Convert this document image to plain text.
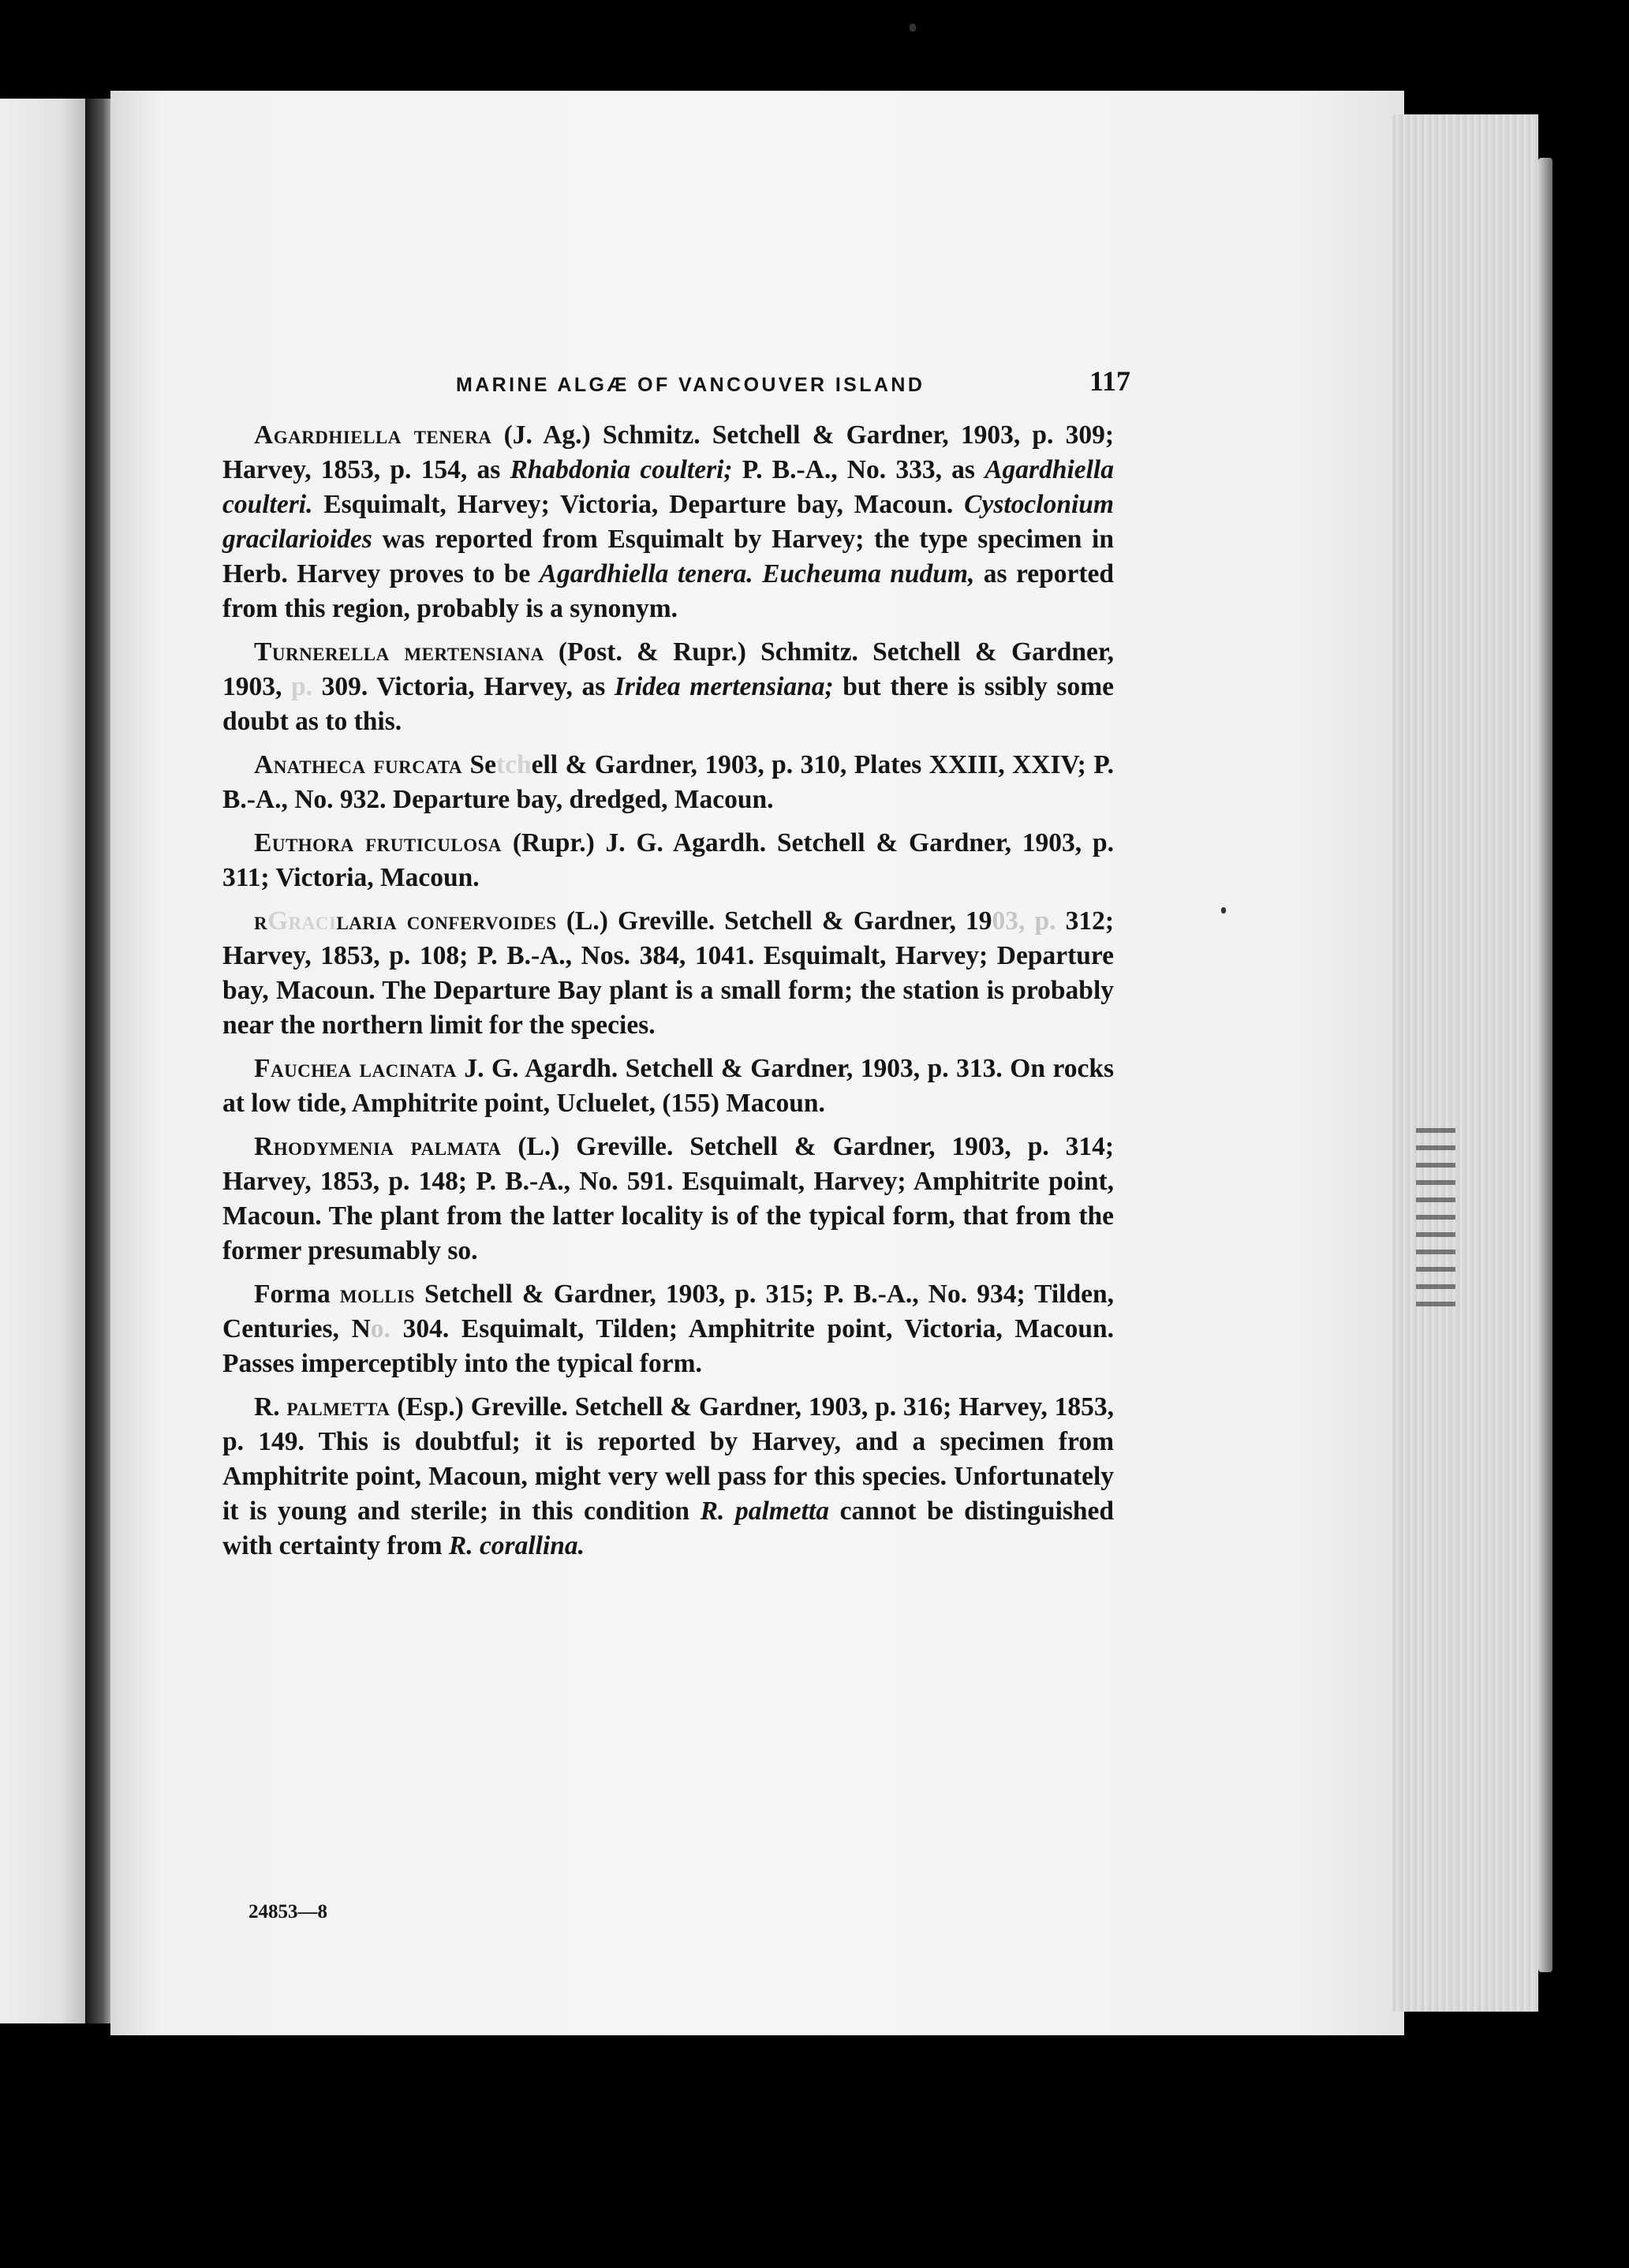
MARINE ALGÆ OF VANCOUVER ISLAND	117

Agardhiella tenera (J. Ag.) Schmitz. Setchell & Gardner, 1903, p. 309; Harvey, 1853, p. 154, as Rhabdonia coulteri; P. B.-A., No. 333, as Agardhiella coulteri. Esquimalt, Harvey; Victoria, Departure bay, Macoun. Cystoclonium gracilarioides was reported from Esquimalt by Harvey; the type specimen in Herb. Harvey proves to be Agardhiella tenera. Eucheuma nudum, as reported from this region, probably is a synonym.

Turnerella mertensiana (Post. & Rupr.) Schmitz. Setchell & Gardner, 1903, p. 309. Victoria, Harvey, as Iridea mertensiana; but there is ssibly some doubt as to this.

Anatheca furcata Setchell & Gardner, 1903, p. 310, Plates XXIII, XXIV; P. B.-A., No. 932. Departure bay, dredged, Macoun.

Euthora fruticulosa (Rupr.) J. G. Agardh. Setchell & Gardner, 1903, p. 311; Victoria, Macoun.

rGracilaria confervoides (L.) Greville. Setchell & Gardner, 1903, p. 312; Harvey, 1853, p. 108; P. B.-A., Nos. 384, 1041. Esquimalt, Harvey; Departure bay, Macoun. The Departure Bay plant is a small form; the station is probably near the northern limit for the species.

Fauchea lacinata J. G. Agardh. Setchell & Gardner, 1903, p. 313. On rocks at low tide, Amphitrite point, Ucluelet, (155) Macoun.

Rhodymenia palmata (L.) Greville. Setchell & Gardner, 1903, p. 314; Harvey, 1853, p. 148; P. B.-A., No. 591. Esquimalt, Harvey; Amphitrite point, Macoun. The plant from the latter locality is of the typical form, that from the former presumably so.

Forma mollis Setchell & Gardner, 1903, p. 315; P. B.-A., No. 934; Tilden, Centuries, No. 304. Esquimalt, Tilden; Amphitrite point, Victoria, Macoun. Passes imperceptibly into the typical form.

R. palmetta (Esp.) Greville. Setchell & Gardner, 1903, p. 316; Harvey, 1853, p. 149. This is doubtful; it is reported by Harvey, and a specimen from Amphitrite point, Macoun, might very well pass for this species. Unfortunately it is young and sterile; in this condition R. palmetta cannot be distinguished with certainty from R. corallina.

24853—8
